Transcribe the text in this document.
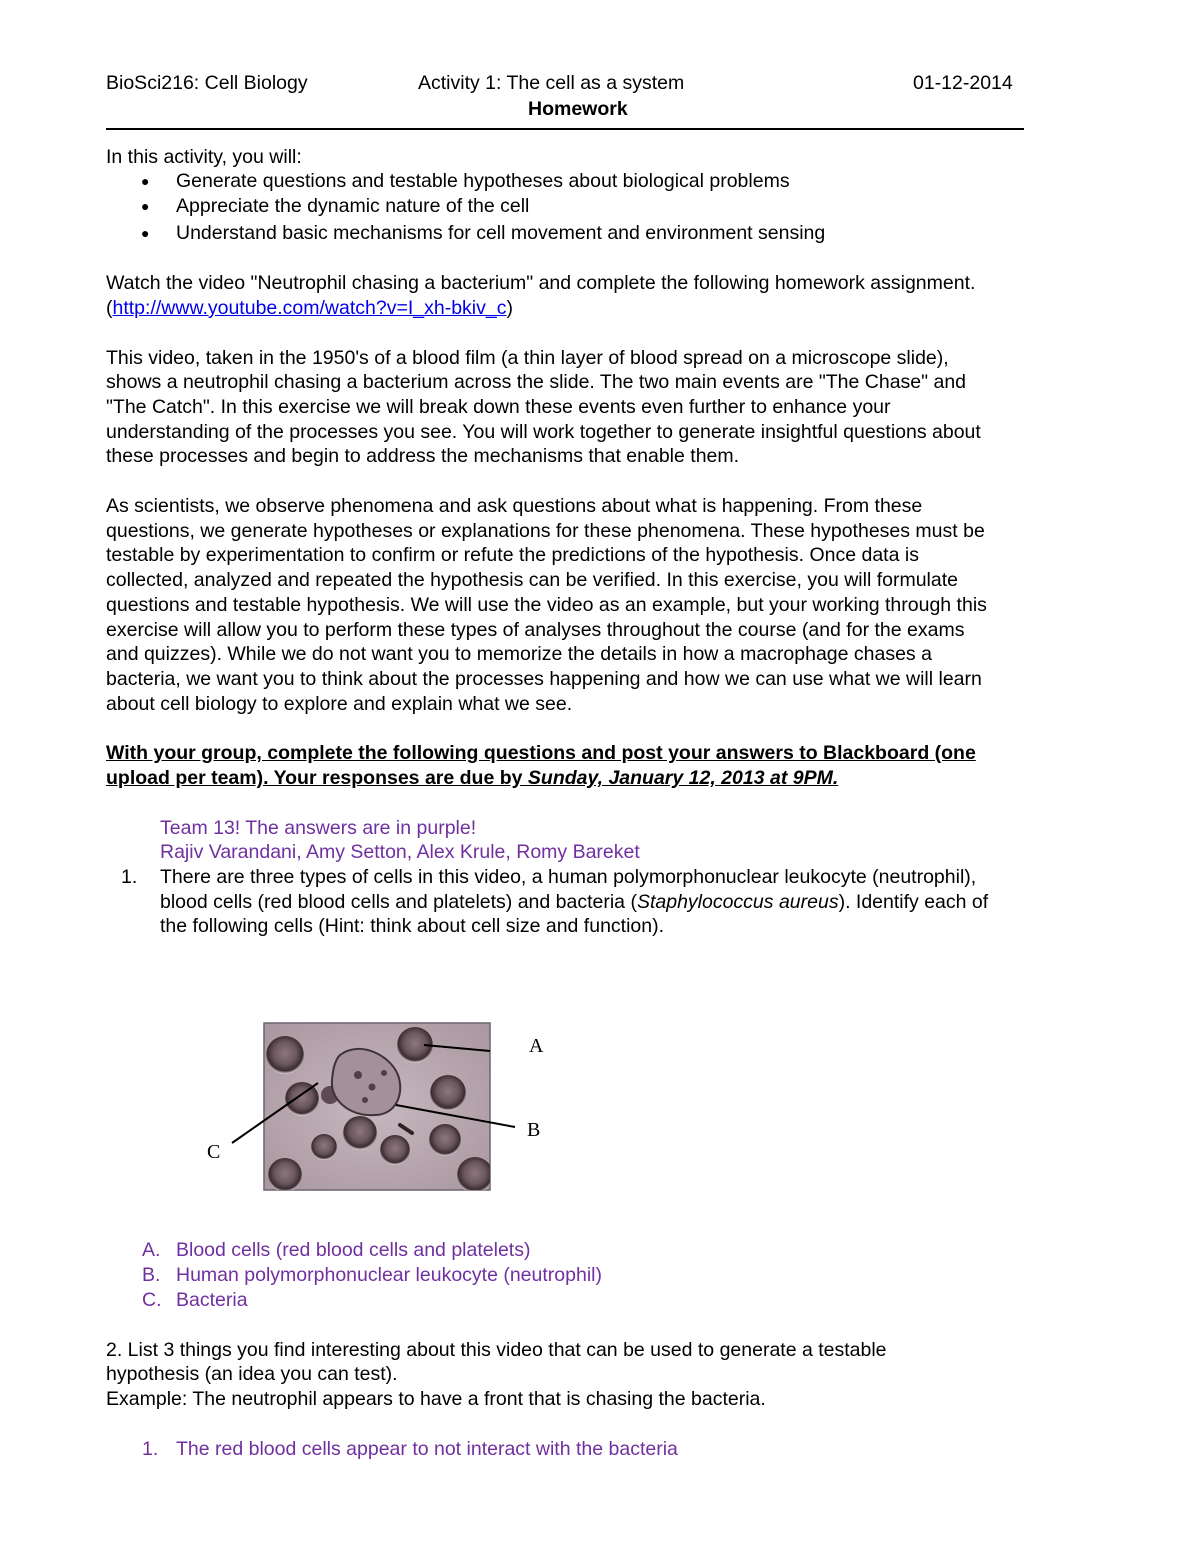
BioSci216: Cell Biology	Activity 1: The cell as a system	01-12-2014
Homework
In this activity, you will:
● Generate questions and testable hypotheses about biological problems
● Appreciate the dynamic nature of the cell
● Understand basic mechanisms for cell movement and environment sensing
Watch the video "Neutrophil chasing a bacterium" and complete the following homework assignment.
(http://www.youtube.com/watch?v=I_xh-bkiv_c)
This video, taken in the 1950's of a blood film (a thin layer of blood spread on a microscope slide),
shows a neutrophil chasing a bacterium across the slide. The two main events are "The Chase" and
"The Catch". In this exercise we will break down these events even further to enhance your
understanding of the processes you see. You will work together to generate insightful questions about
these processes and begin to address the mechanisms that enable them.
As scientists, we observe phenomena and ask questions about what is happening. From these
questions, we generate hypotheses or explanations for these phenomena. These hypotheses must be
testable by experimentation to confirm or refute the predictions of the hypothesis. Once data is
collected, analyzed and repeated the hypothesis can be verified. In this exercise, you will formulate
questions and testable hypothesis. We will use the video as an example, but your working through this
exercise will allow you to perform these types of analyses throughout the course (and for the exams
and quizzes). While we do not want you to memorize the details in how a macrophage chases a
bacteria, we want you to think about the processes happening and how we can use what we will learn
about cell biology to explore and explain what we see.
With your group, complete the following questions and post your answers to Blackboard (one
upload per team). Your responses are due by Sunday, January 12, 2013 at 9PM.
Team 13! The answers are in purple!
Rajiv Varandani, Amy Setton, Alex Krule, Romy Bareket
1. There are three types of cells in this video, a human polymorphonuclear leukocyte (neutrophil),
blood cells (red blood cells and platelets) and bacteria (Staphylococcus aureus). Identify each of
the following cells (Hint: think about cell size and function).
A
B
C
A. Blood cells (red blood cells and platelets)
B. Human polymorphonuclear leukocyte (neutrophil)
C. Bacteria
2. List 3 things you find interesting about this video that can be used to generate a testable
hypothesis (an idea you can test).
Example: The neutrophil appears to have a front that is chasing the bacteria.
1. The red blood cells appear to not interact with the bacteria
